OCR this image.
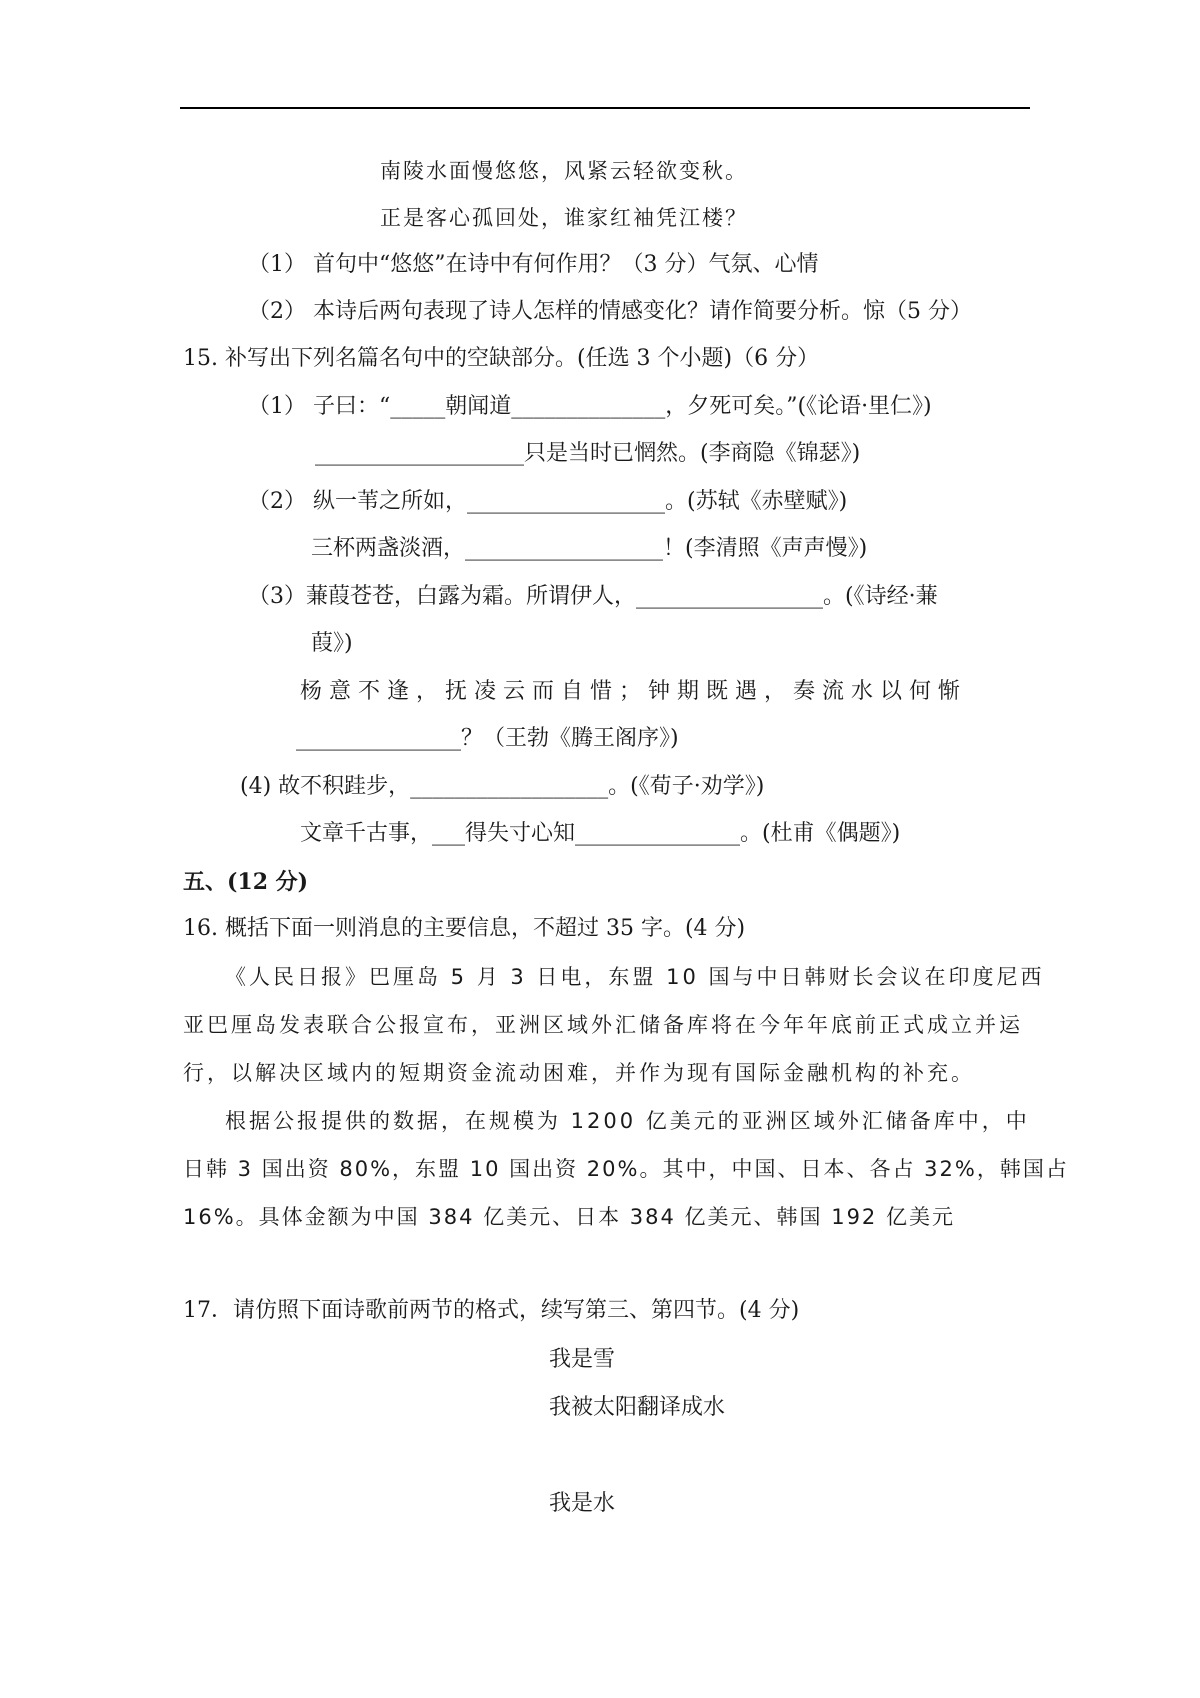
南陵水面慢悠悠，风紧云轻欲变秋。
正是客心孤回处，谁家红袖凭江楼？
（1） 首句中“悠悠”在诗中有何作用？（3 分）气氛、心情
（2） 本诗后两句表现了诗人怎样的情感变化？请作简要分析。惊（5 分）
15. 补写出下列名篇名句中的空缺部分。(任选 3 个小题)（6 分）
（1） 子曰：“_____朝闻道______________，夕死可矣。”(《论语·里仁》)
___________________只是当时已惘然。(李商隐《锦瑟》)
（2） 纵一苇之所如，__________________。(苏轼《赤壁赋》)
三杯两盏淡酒，__________________！(李清照《声声慢》)
（3）蒹葭苍苍，白露为霜。所谓伊人，_________________。(《诗经·蒹
葭》)
杨意不逢，抚凌云而自惜；钟期既遇，奏流水以何惭
_______________？（王勃《腾王阁序》)
(4) 故不积跬步，__________________。(《荀子·劝学》)
文章千古事，___得失寸心知_______________。(杜甫《偶题》)
五、(12 分)
16. 概括下面一则消息的主要信息，不超过 35 字。(4 分)
《人民日报》巴厘岛 5 月 3 日电，东盟 10 国与中日韩财长会议在印度尼西
亚巴厘岛发表联合公报宣布，亚洲区域外汇储备库将在今年年底前正式成立并运
行，以解决区域内的短期资金流动困难，并作为现有国际金融机构的补充。
根据公报提供的数据，在规模为 1200 亿美元的亚洲区域外汇储备库中，中
日韩 3 国出资 80%，东盟 10 国出资 20%。其中，中国、日本、各占 32%，韩国占
16%。具体金额为中国 384 亿美元、日本 384 亿美元、韩国 192 亿美元
17．请仿照下面诗歌前两节的格式，续写第三、第四节。(4 分)
我是雪
我被太阳翻译成水
我是水
